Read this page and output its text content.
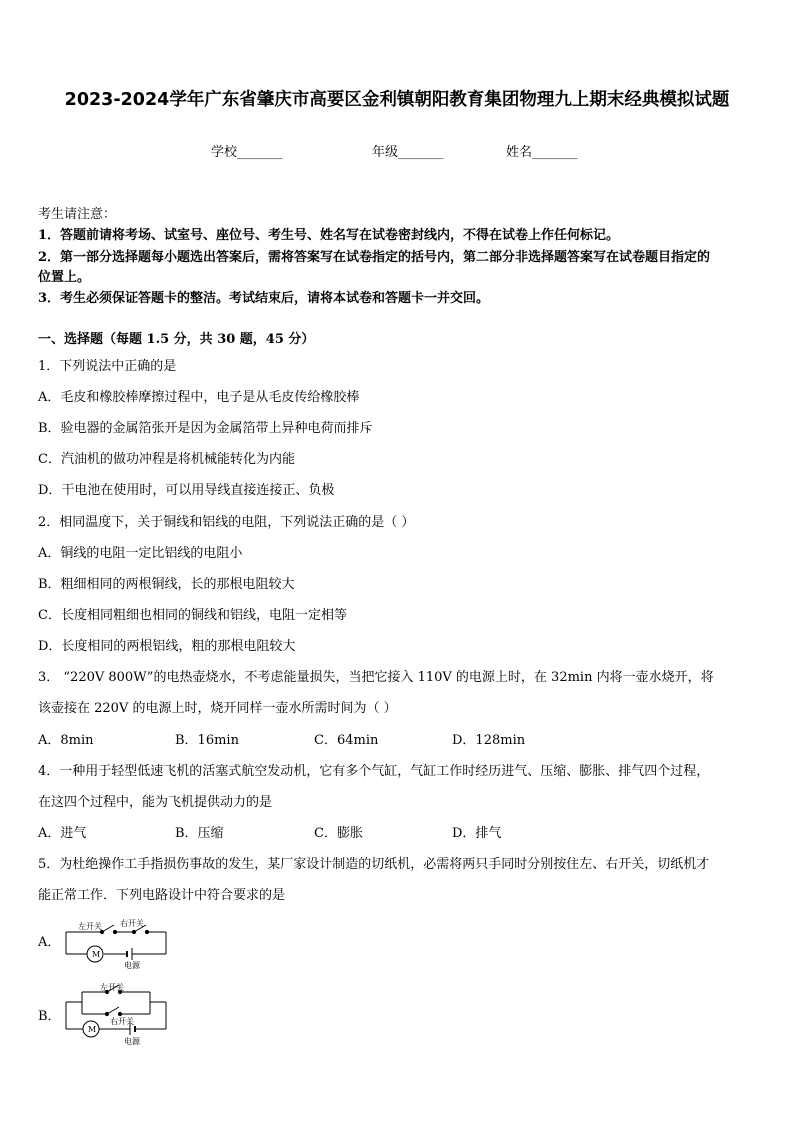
2023-2024学年广东省肇庆市高要区金利镇朝阳教育集团物理九上期末经典模拟试题
学校_______	年级_______	姓名_______
考生请注意：
1．答题前请将考场、试室号、座位号、考生号、姓名写在试卷密封线内，不得在试卷上作任何标记。
2．第一部分选择题每小题选出答案后，需将答案写在试卷指定的括号内，第二部分非选择题答案写在试卷题目指定的
位置上。
3．考生必须保证答题卡的整洁。考试结束后，请将本试卷和答题卡一并交回。
一、选择题（每题 1.5 分，共 30 题，45 分）
1．下列说法中正确的是
A．毛皮和橡胶棒摩擦过程中，电子是从毛皮传给橡胶棒
B．验电器的金属箔张开是因为金属箔带上异种电荷而排斥
C．汽油机的做功冲程是将机械能转化为内能
D．干电池在使用时，可以用导线直接连接正、负极
2．相同温度下，关于铜线和铝线的电阻，下列说法正确的是（ ）
A．铜线的电阻一定比铝线的电阻小
B．粗细相同的两根铜线，长的那根电阻较大
C．长度相同粗细也相同的铜线和铝线，电阻一定相等
D．长度相同的两根铝线，粗的那根电阻较大
3． “220V 800W”的电热壶烧水，不考虑能量损失，当把它接入 110V 的电源上时，在 32min 内将一壶水烧开，将
该壶接在 220V 的电源上时，烧开同样一壶水所需时间为（ ）
A．8min	B．16min	C．64min	D．128min
4．一种用于轻型低速飞机的活塞式航空发动机，它有多个气缸，气缸工作时经历进气、压缩、膨胀、排气四个过程，
在这四个过程中，能为飞机提供动力的是
A．进气	B．压缩	C．膨胀	D．排气
5．为杜绝操作工手指损伤事故的发生，某厂家设计制造的切纸机，必需将两只手同时分别按住左、右开关，切纸机才
能正常工作．下列电路设计中符合要求的是
A．
左开关 右开关
M
电源
B．
左开关
右开关
M
电源
